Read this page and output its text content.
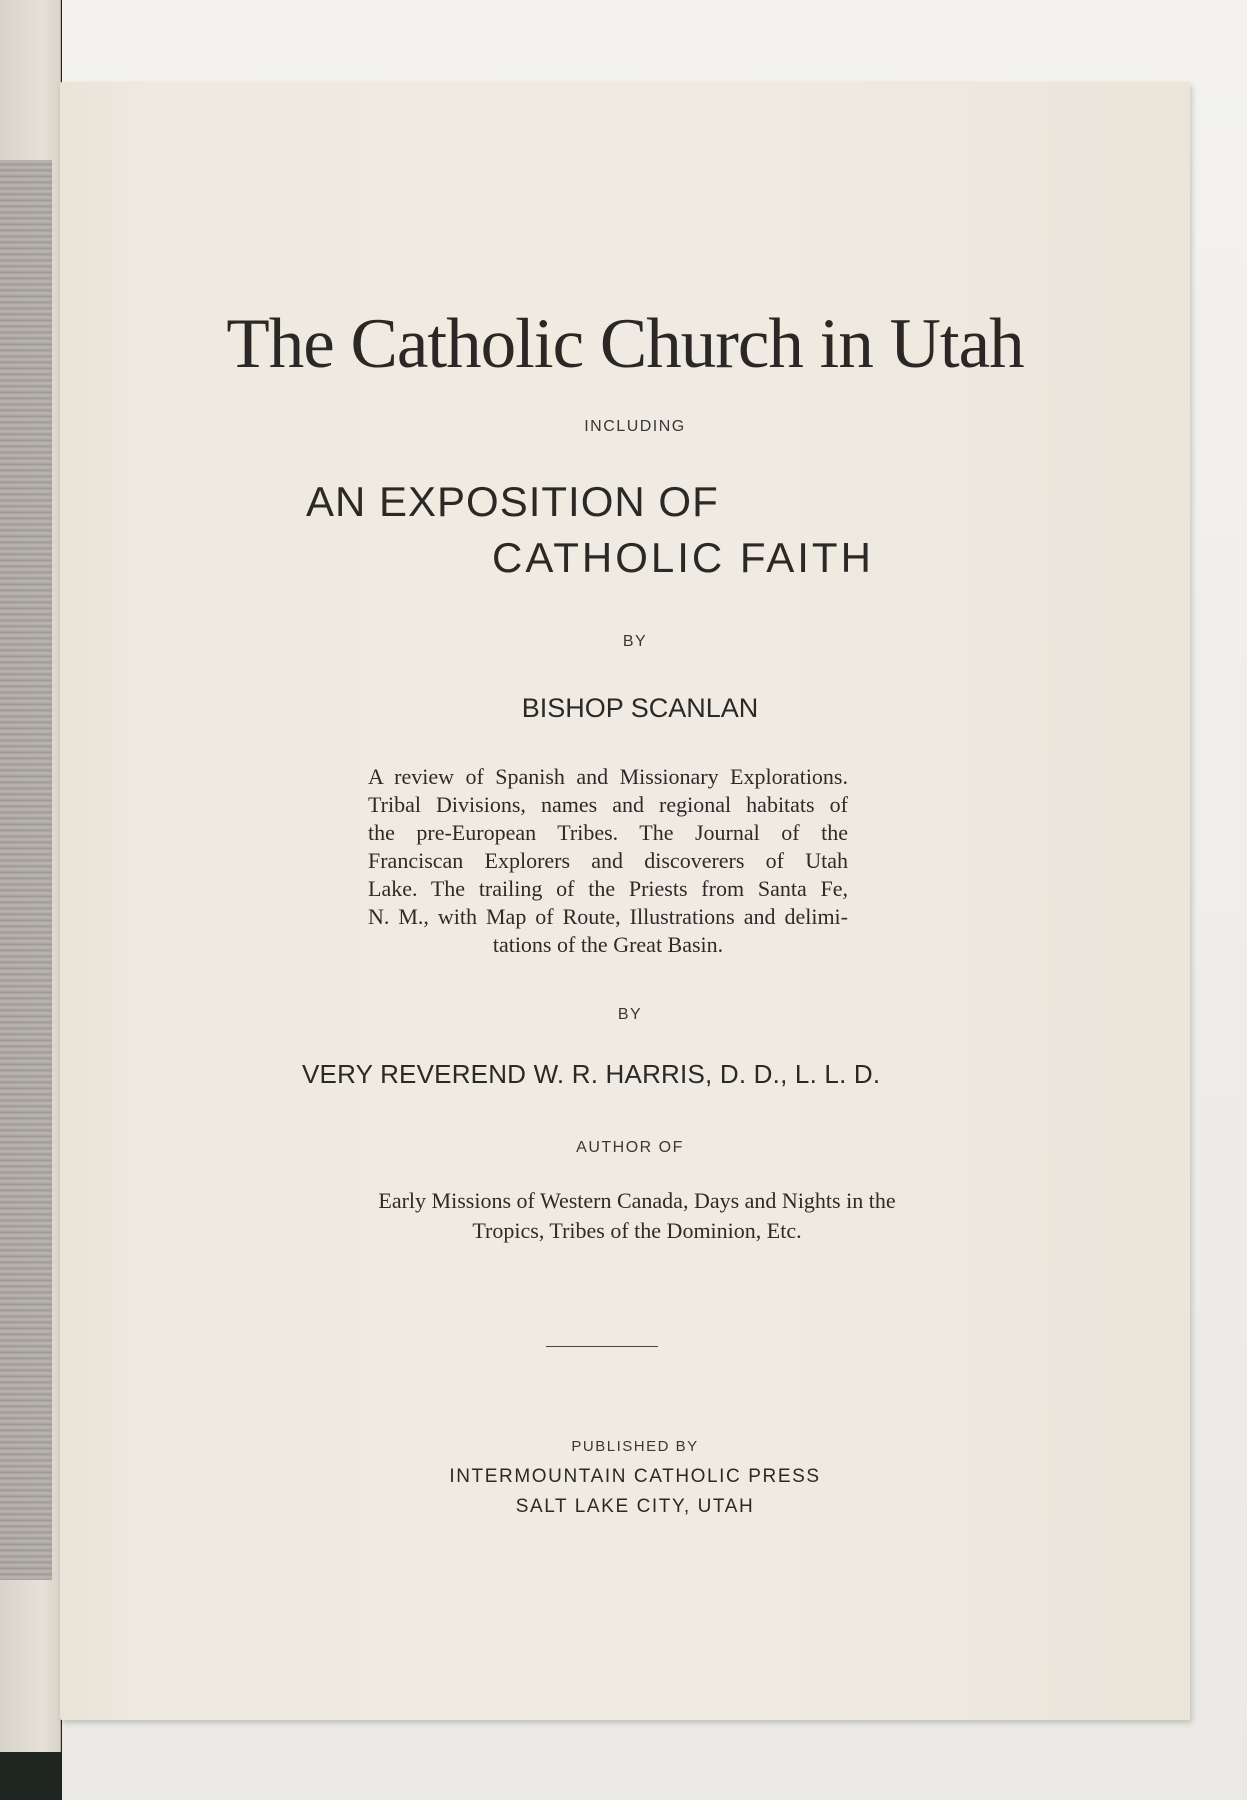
The Catholic Church in Utah
INCLUDING
AN EXPOSITION OF
CATHOLIC FAITH
BY
BISHOP SCANLAN
A review of Spanish and Missionary Explorations.
Tribal Divisions, names and regional habitats of
the pre-European Tribes. The Journal of the
Franciscan Explorers and discoverers of Utah
Lake. The trailing of the Priests from Santa Fe,
N. M., with Map of Route, Illustrations and delimi-
tations of the Great Basin.
BY
VERY REVEREND W. R. HARRIS, D. D., L. L. D.
AUTHOR OF
Early Missions of Western Canada, Days and Nights in the
Tropics, Tribes of the Dominion, Etc.
PUBLISHED BY
INTERMOUNTAIN CATHOLIC PRESS
SALT LAKE CITY, UTAH
